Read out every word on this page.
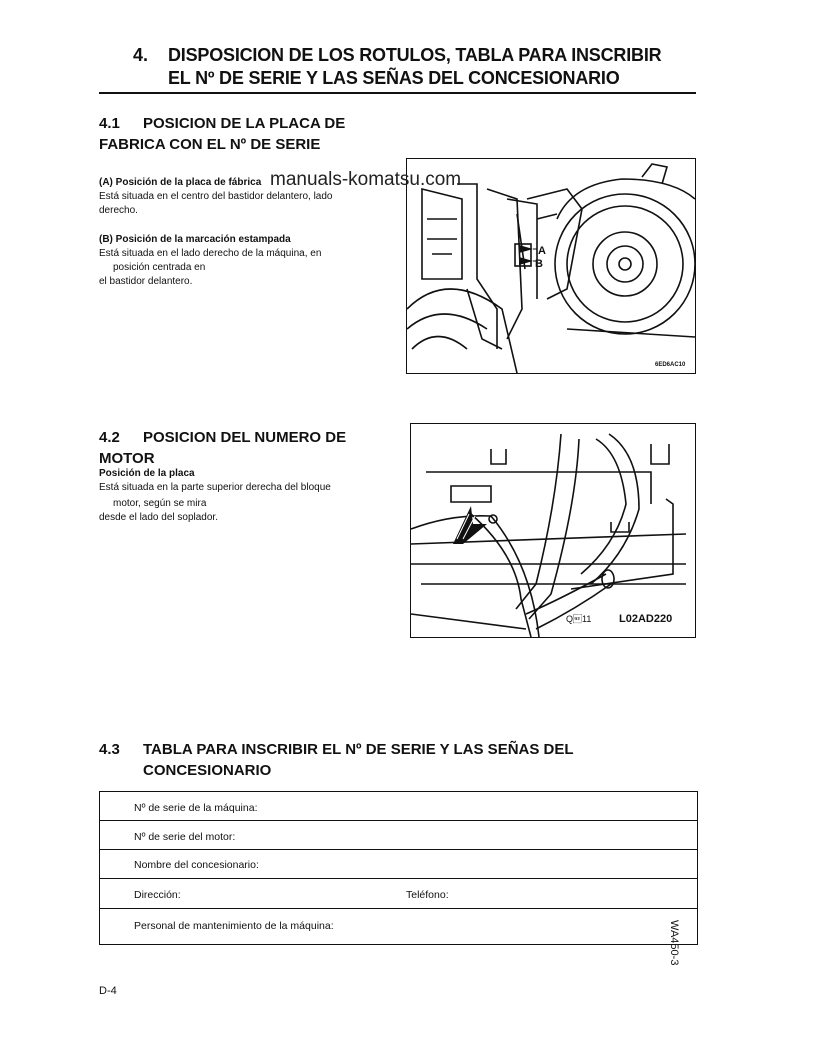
4. DISPOSICION DE LOS ROTULOS, TABLA PARA INSCRIBIR
EL Nº DE SERIE Y LAS SEÑAS DEL CONCESIONARIO
4.1 POSICION DE LA PLACA DE
FABRICA CON EL Nº DE SERIE
(A) Posición de la placa de fábrica
Está situada en el centro del bastidor delantero, lado
derecho.
(B) Posición de la marcación estampada
Está situada en el lado derecho de la máquina, en
posición centrada en
el bastidor delantero.
A
B
6ED6AC10
manuals-komatsu.com
4.2 POSICION DEL NUMERO DE
MOTOR
Posición de la placa
Está situada en la parte superior derecha del bloque
motor, según se mira
desde el lado del soplador.
Q11	L02AD220
4.3 TABLA PARA INSCRIBIR EL Nº DE SERIE Y LAS SEÑAS DEL
CONCESIONARIO
Nº de serie de la máquina:
Nº de serie del motor:
Nombre del concesionario:
Dirección:	Teléfono:
Personal de mantenimiento de la máquina:	WA450-3
D-4
